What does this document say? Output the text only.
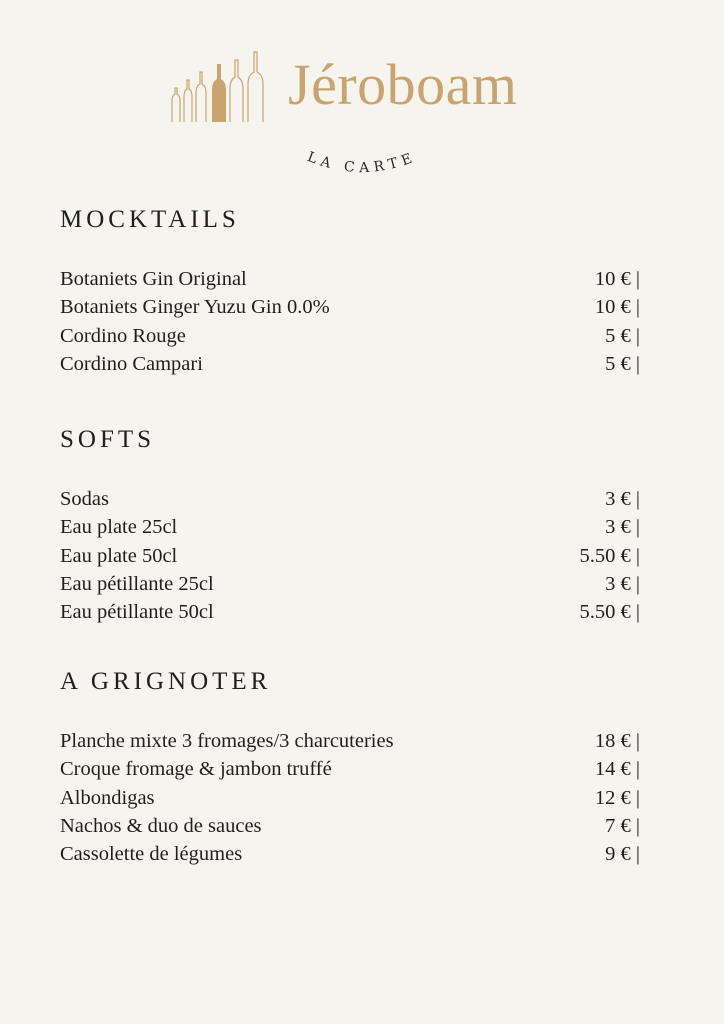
Jéroboam
LA CARTE
MOCKTAILS
Botaniets Gin Original	10 € |
Botaniets Ginger Yuzu Gin 0.0%	10 € |
Cordino Rouge	5 € |
Cordino Campari	5 € |
SOFTS
Sodas	3 € |
Eau plate 25cl	3 € |
Eau plate 50cl	5.50 € |
Eau pétillante 25cl	3 € |
Eau pétillante 50cl	5.50 € |
A GRIGNOTER
Planche mixte 3 fromages/3 charcuteries	18 € |
Croque fromage & jambon truffé	14 € |
Albondigas	12 € |
Nachos & duo de sauces	7 € |
Cassolette de légumes	9 € |
